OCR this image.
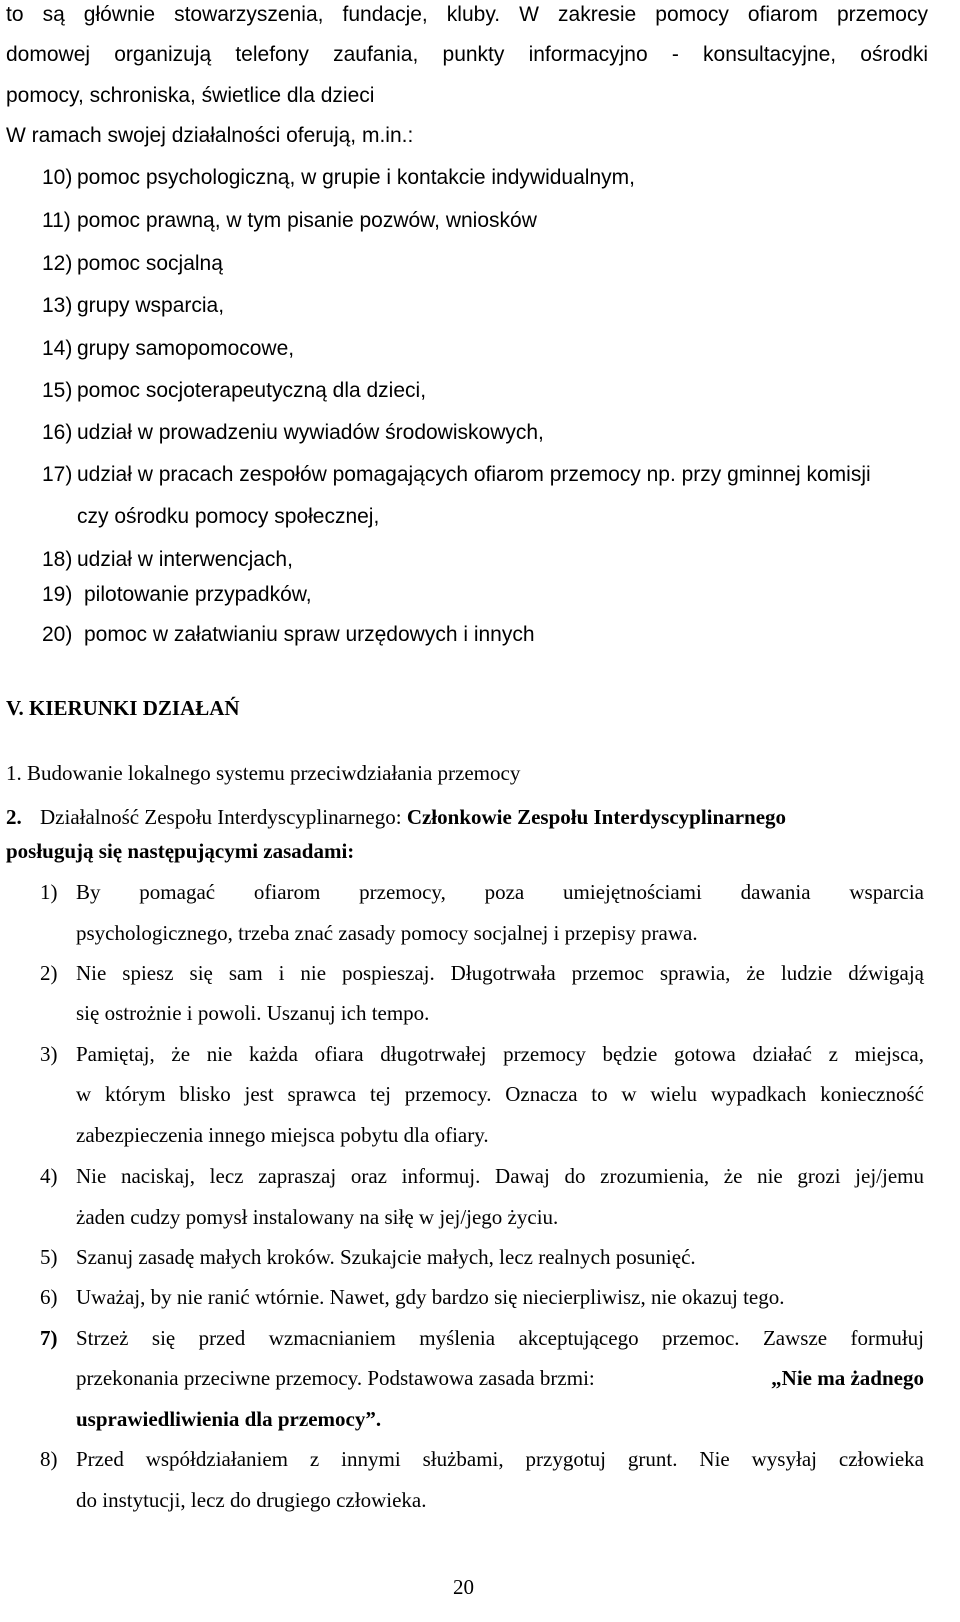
to są głównie stowarzyszenia, fundacje, kluby. W zakresie pomocy ofiarom przemocy
domowej organizują telefony zaufania, punkty informacyjno - konsultacyjne, ośrodki
pomocy, schroniska, świetlice dla dzieci
W ramach swojej działalności oferują, m.in.:
10) pomoc psychologiczną, w grupie i kontakcie indywidualnym,
11) pomoc prawną, w tym pisanie pozwów, wniosków
12) pomoc socjalną
13) grupy wsparcia,
14) grupy samopomocowe,
15) pomoc socjoterapeutyczną dla dzieci,
16) udział w prowadzeniu wywiadów środowiskowych,
17) udział w pracach zespołów pomagających ofiarom przemocy np. przy gminnej komisji
czy ośrodku pomocy społecznej,
18) udział w interwencjach,
19) pilotowanie przypadków,
20) pomoc w załatwianiu spraw urzędowych i innych
V. KIERUNKI DZIAŁAŃ
1. Budowanie lokalnego systemu przeciwdziałania przemocy
2. Działalność Zespołu Interdyscyplinarnego: Członkowie Zespołu Interdyscyplinarnego
posługują się następującymi zasadami:
1) By pomagać ofiarom przemocy, poza umiejętnościami dawania wsparcia
psychologicznego, trzeba znać zasady pomocy socjalnej i przepisy prawa.
2) Nie spiesz się sam i nie pospieszaj. Długotrwała przemoc sprawia, że ludzie dźwigają
się ostrożnie i powoli. Uszanuj ich tempo.
3) Pamiętaj, że nie każda ofiara długotrwałej przemocy będzie gotowa działać z miejsca,
w którym blisko jest sprawca tej przemocy. Oznacza to w wielu wypadkach konieczność
zabezpieczenia innego miejsca pobytu dla ofiary.
4) Nie naciskaj, lecz zapraszaj oraz informuj. Dawaj do zrozumienia, że nie grozi jej/jemu
żaden cudzy pomysł instalowany na siłę w jej/jego życiu.
5) Szanuj zasadę małych kroków. Szukajcie małych, lecz realnych posunięć.
6) Uważaj, by nie ranić wtórnie. Nawet, gdy bardzo się niecierpliwisz, nie okazuj tego.
7) Strzeż się przed wzmacnianiem myślenia akceptującego przemoc. Zawsze formułuj
przekonania przeciwne przemocy. Podstawowa zasada brzmi:	„Nie ma żadnego
usprawiedliwienia dla przemocy”.
8) Przed współdziałaniem z innymi służbami, przygotuj grunt. Nie wysyłaj człowieka
do instytucji, lecz do drugiego człowieka.
20
